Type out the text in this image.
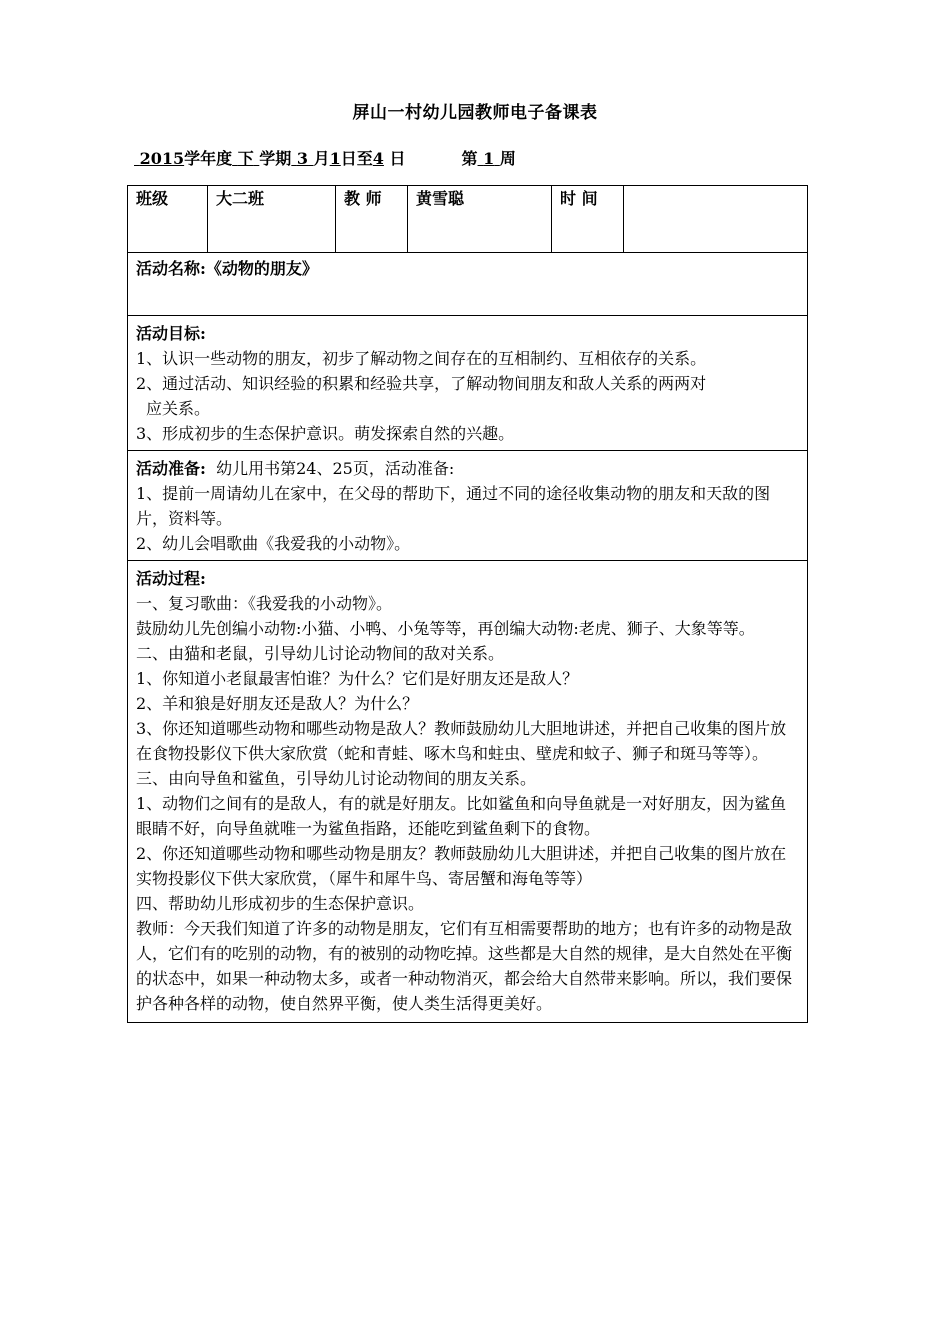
屏山一村幼儿园教师电子备课表
2015学年度 下 学期 3 月1日至4 日	第 1 周
班级	大二班	教 师	黄雪聪	时 间

活动名称:《动物的朋友》

活动目标:

1、认识一些动物的朋友，初步了解动物之间存在的互相制约、互相依存的关系。

2、通过活动、知识经验的积累和经验共享，了解动物间朋友和敌人关系的两两对

应关系。

3、形成初步的生态保护意识。萌发探索自然的兴趣。

活动准备:  幼儿用书第24、25页，活动准备:

1、提前一周请幼儿在家中，在父母的帮助下，通过不同的途径收集动物的朋友和天敌的图片，资料等。

2、幼儿会唱歌曲《我爱我的小动物》。

活动过程:

一、复习歌曲：《我爱我的小动物》。

鼓励幼儿先创编小动物:小猫、小鸭、小兔等等，再创编大动物:老虎、狮子、大象等等。

二、由猫和老鼠，引导幼儿讨论动物间的敌对关系。

1、你知道小老鼠最害怕谁？为什么？它们是好朋友还是敌人？

2、羊和狼是好朋友还是敌人？为什么？

3、你还知道哪些动物和哪些动物是敌人？教师鼓励幼儿大胆地讲述，并把自己收集的图片放在食物投影仪下供大家欣赏（蛇和青蛙、啄木鸟和蛀虫、壁虎和蚊子、狮子和斑马等等）。

三、由向导鱼和鲨鱼，引导幼儿讨论动物间的朋友关系。

1、动物们之间有的是敌人，有的就是好朋友。比如鲨鱼和向导鱼就是一对好朋友，因为鲨鱼眼睛不好，向导鱼就唯一为鲨鱼指路，还能吃到鲨鱼剩下的食物。

2、你还知道哪些动物和哪些动物是朋友？教师鼓励幼儿大胆讲述，并把自己收集的图片放在实物投影仪下供大家欣赏，（犀牛和犀牛鸟、寄居蟹和海龟等等）

四、帮助幼儿形成初步的生态保护意识。

教师：今天我们知道了许多的动物是朋友，它们有互相需要帮助的地方；也有许多的动物是敌人，它们有的吃别的动物，有的被别的动物吃掉。这些都是大自然的规律，是大自然处在平衡的状态中，如果一种动物太多，或者一种动物消灭，都会给大自然带来影响。所以，我们要保护各种各样的动物，使自然界平衡，使人类生活得更美好。
